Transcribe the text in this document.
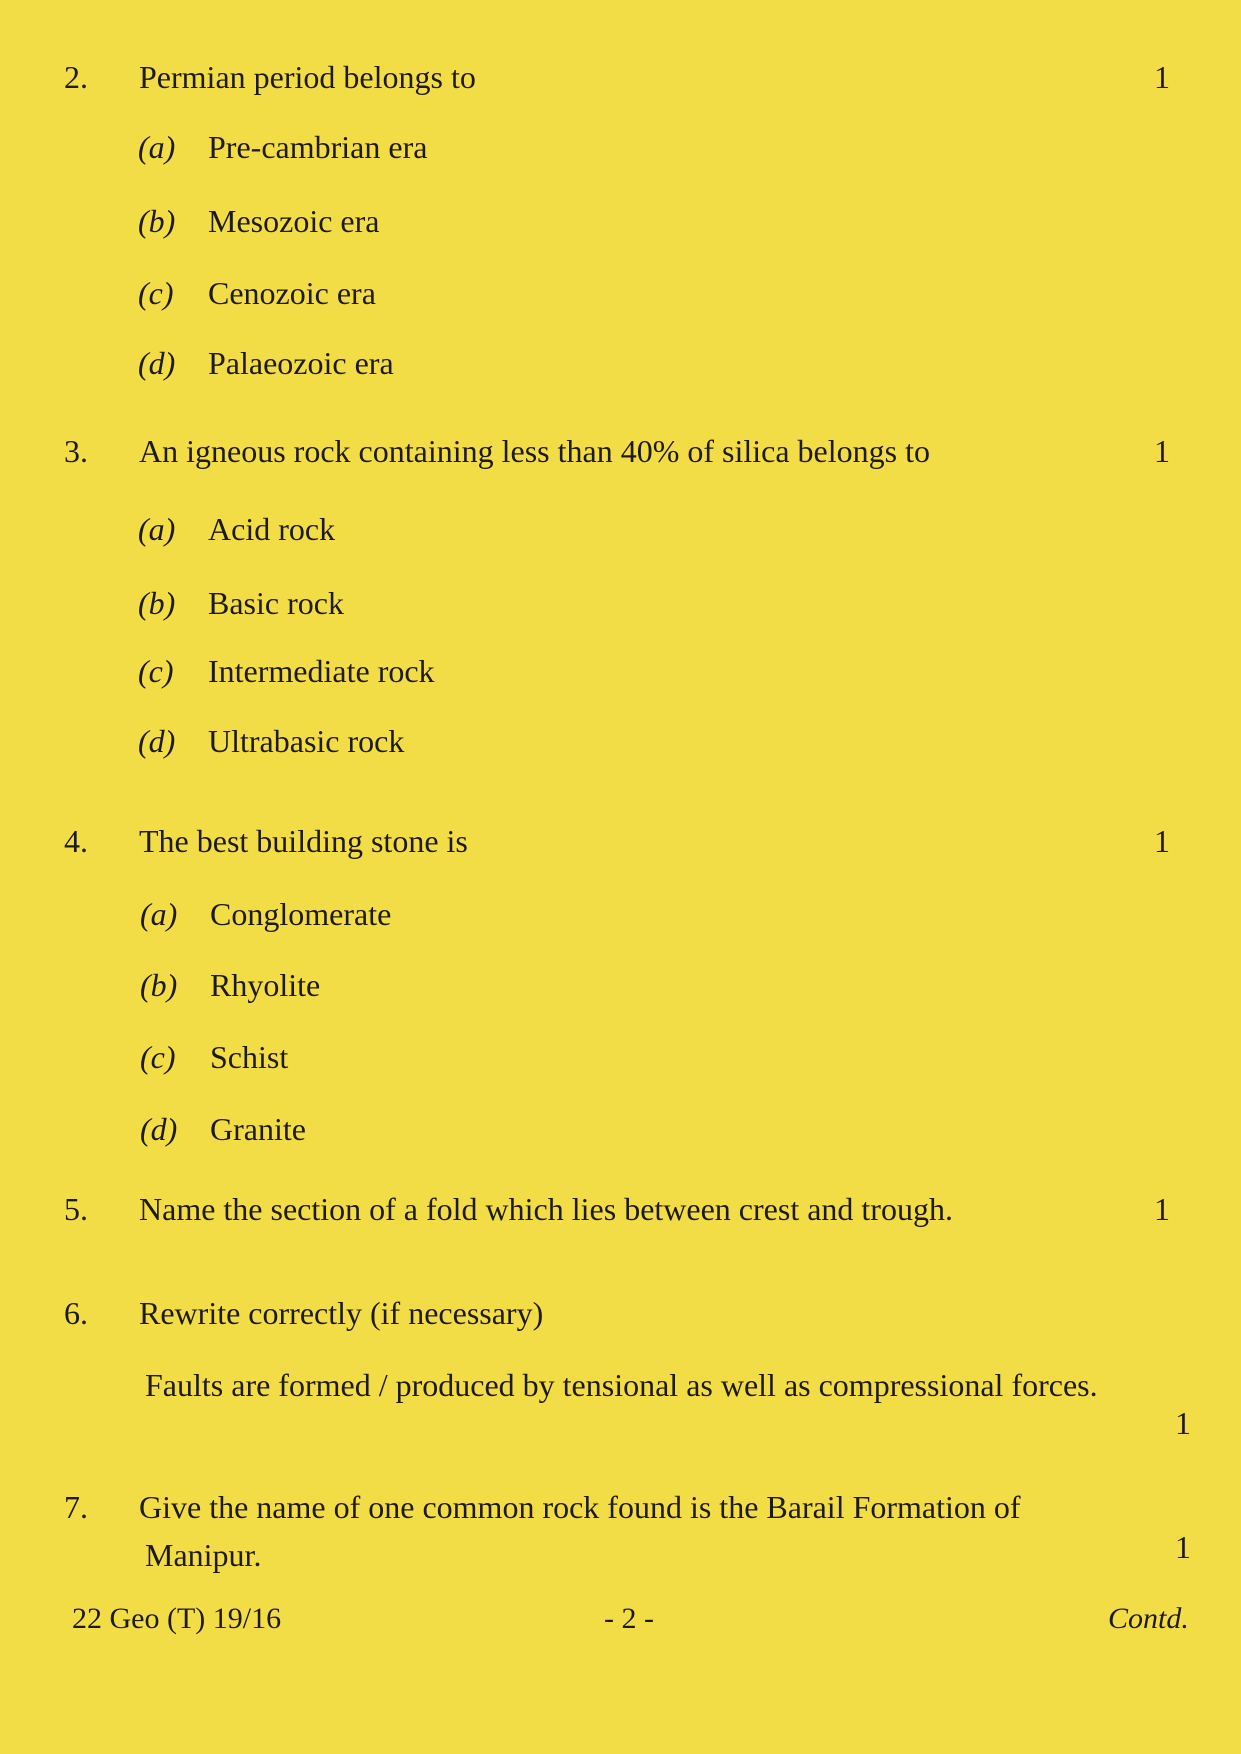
2. Permian period belongs to	1
(a) Pre-cambrian era
(b) Mesozoic era
(c) Cenozoic era
(d) Palaeozoic era
3. An igneous rock containing less than 40% of silica belongs to	1
(a) Acid rock
(b) Basic rock
(c) Intermediate rock
(d) Ultrabasic rock
4. The best building stone is	1
(a) Conglomerate
(b) Rhyolite
(c) Schist
(d) Granite
5. Name the section of a fold which lies between crest and trough.	1
6. Rewrite correctly (if necessary)
Faults are formed / produced by tensional as well as compressional forces.
1
7. Give the name of one common rock found is the Barail Formation of
Manipur.	1
22 Geo (T) 19/16	- 2 -	Contd.
